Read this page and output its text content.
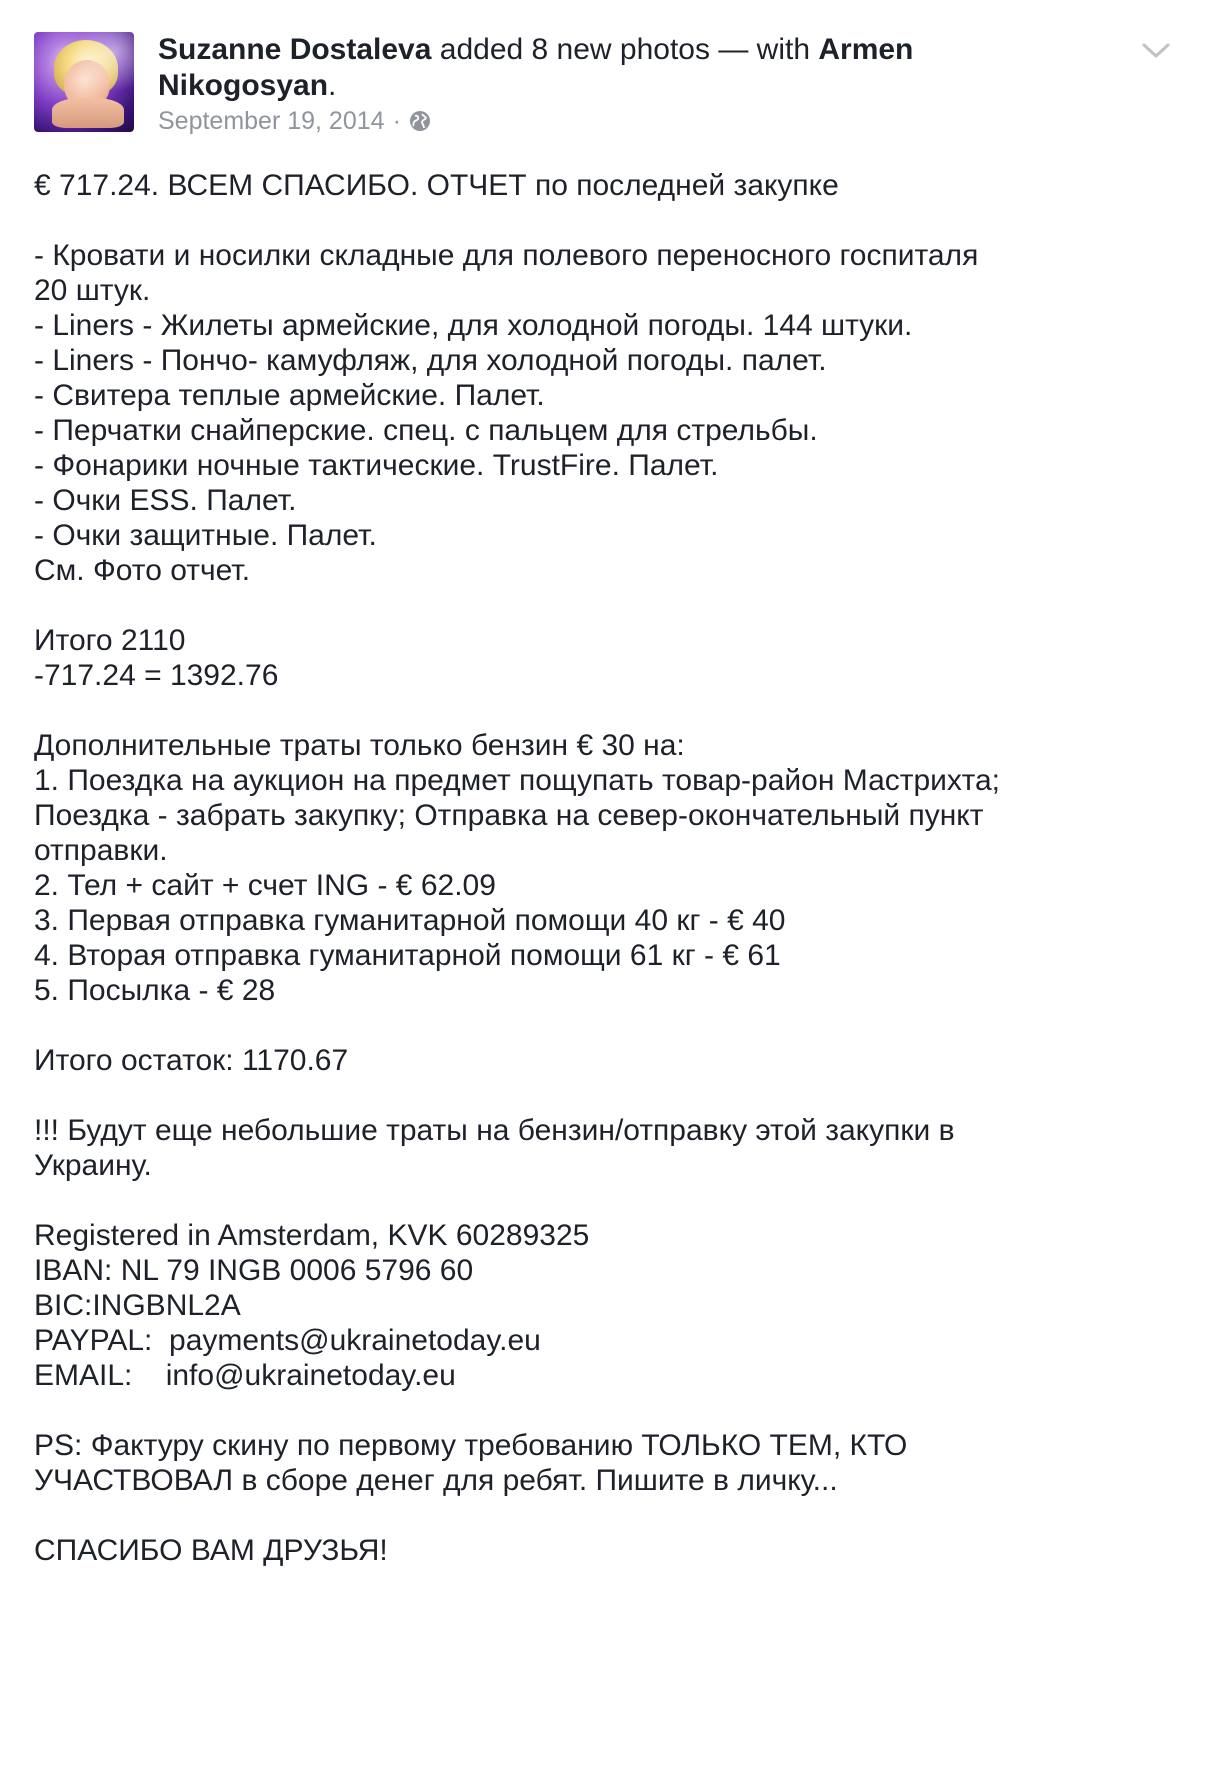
Suzanne Dostaleva added 8 new photos — with Armen Nikogosyan.
September 19, 2014 ·
€ 717.24. ВСЕМ СПАСИБО. ОТЧЕТ по последней закупке
- Кровати и носилки складные для полевого переносного госпиталя
20 штук.
- Liners - Жилеты армейские, для холодной погоды. 144 штуки.
- Liners - Пончо- камуфляж, для холодной погоды. палет.
- Свитера теплые армейские. Палет.
- Перчатки снайперские. спец. с пальцем для стрельбы.
- Фонарики ночные тактические. TrustFire. Палет.
- Очки ESS. Палет.
- Очки защитные. Палет.
См. Фото отчет.
Итого 2110
-717.24 = 1392.76
Дополнительные траты только бензин € 30 на:
1. Поездка на аукцион на предмет пощупать товар-район Мастрихта;
Поездка - забрать закупку; Отправка на север-окончательный пункт
отправки.
2. Тел + сайт + счет ING - € 62.09
3. Первая отправка гуманитарной помощи 40 кг - € 40
4. Вторая отправка гуманитарной помощи 61 кг - € 61
5. Посылка - € 28
Итого остаток: 1170.67
!!! Будут еще небольшие траты на бензин/отправку этой закупки в
Украину.
Registered in Amsterdam, KVK 60289325
IBAN: NL 79 INGB 0006 5796 60
BIC:INGBNL2A
PAYPAL:  payments@ukrainetoday.eu
EMAIL:    info@ukrainetoday.eu
PS: Фактуру скину по первому требованию ТОЛЬКО ТЕМ, КТО
УЧАСТВОВАЛ в сборе денег для ребят. Пишите в личку...
СПАСИБО ВАМ ДРУЗЬЯ!
